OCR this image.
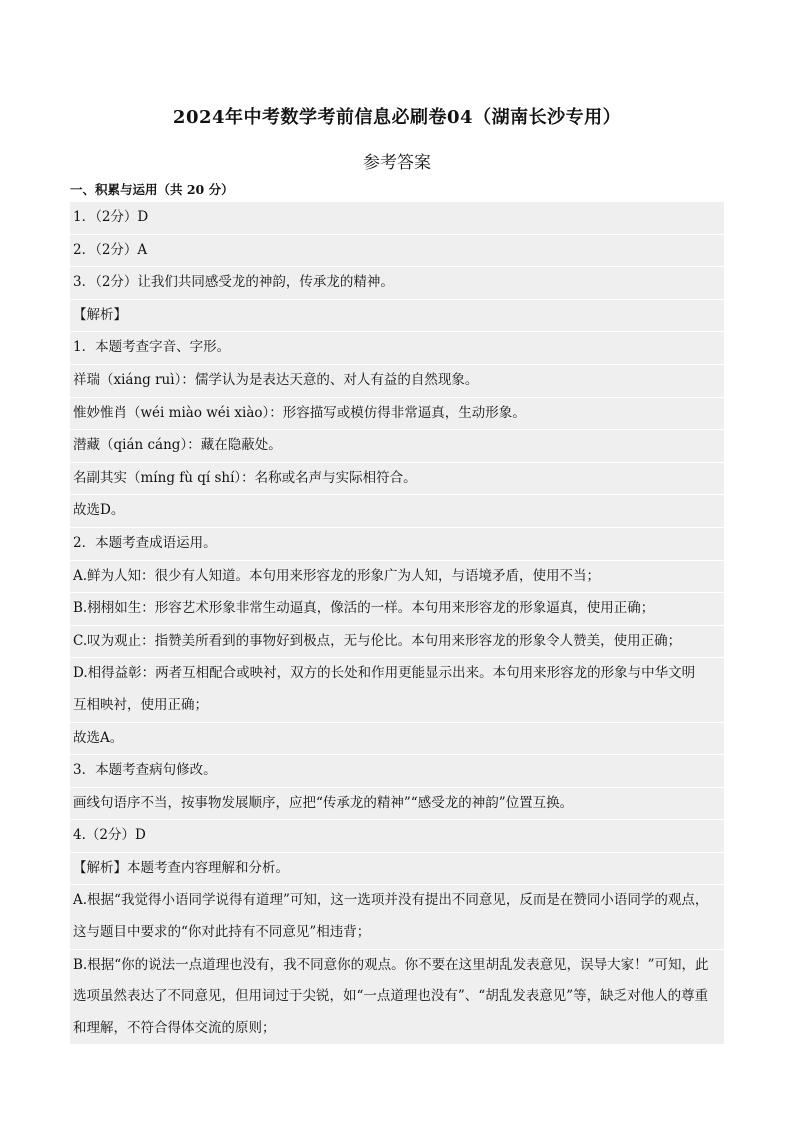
2024年中考数学考前信息必刷卷04（湖南长沙专用）
参考答案
一、积累与运用（共 20 分）
1．（2分）D
2．（2分）A
3．（2分）让我们共同感受龙的神韵，传承龙的精神。
【解析】
1．本题考查字音、字形。
祥瑞（xiáng ruì）：儒学认为是表达天意的、对人有益的自然现象。
惟妙惟肖（wéi miào wéi xiào）：形容描写或模仿得非常逼真，生动形象。
潜藏（qián cáng）：藏在隐蔽处。
名副其实（míng fù qí shí）：名称或名声与实际相符合。
故选D。
2．本题考查成语运用。
A.鲜为人知：很少有人知道。本句用来形容龙的形象广为人知，与语境矛盾，使用不当；
B.栩栩如生：形容艺术形象非常生动逼真，像活的一样。本句用来形容龙的形象逼真，使用正确；
C.叹为观止：指赞美所看到的事物好到极点，无与伦比。本句用来形容龙的形象令人赞美，使用正确；
D.相得益彰：两者互相配合或映衬，双方的长处和作用更能显示出来。本句用来形容龙的形象与中华文明
互相映衬，使用正确；
故选A。
3．本题考查病句修改。
画线句语序不当，按事物发展顺序，应把“传承龙的精神”“感受龙的神韵”位置互换。
4.（2分）D
【解析】本题考查内容理解和分析。
A.根据“我觉得小语同学说得有道理”可知，这一选项并没有提出不同意见，反而是在赞同小语同学的观点，
这与题目中要求的“你对此持有不同意见”相违背；
B.根据“你的说法一点道理也没有，我不同意你的观点。你不要在这里胡乱发表意见，误导大家！”可知，此
选项虽然表达了不同意见，但用词过于尖锐，如“一点道理也没有”、“胡乱发表意见”等，缺乏对他人的尊重
和理解，不符合得体交流的原则；
